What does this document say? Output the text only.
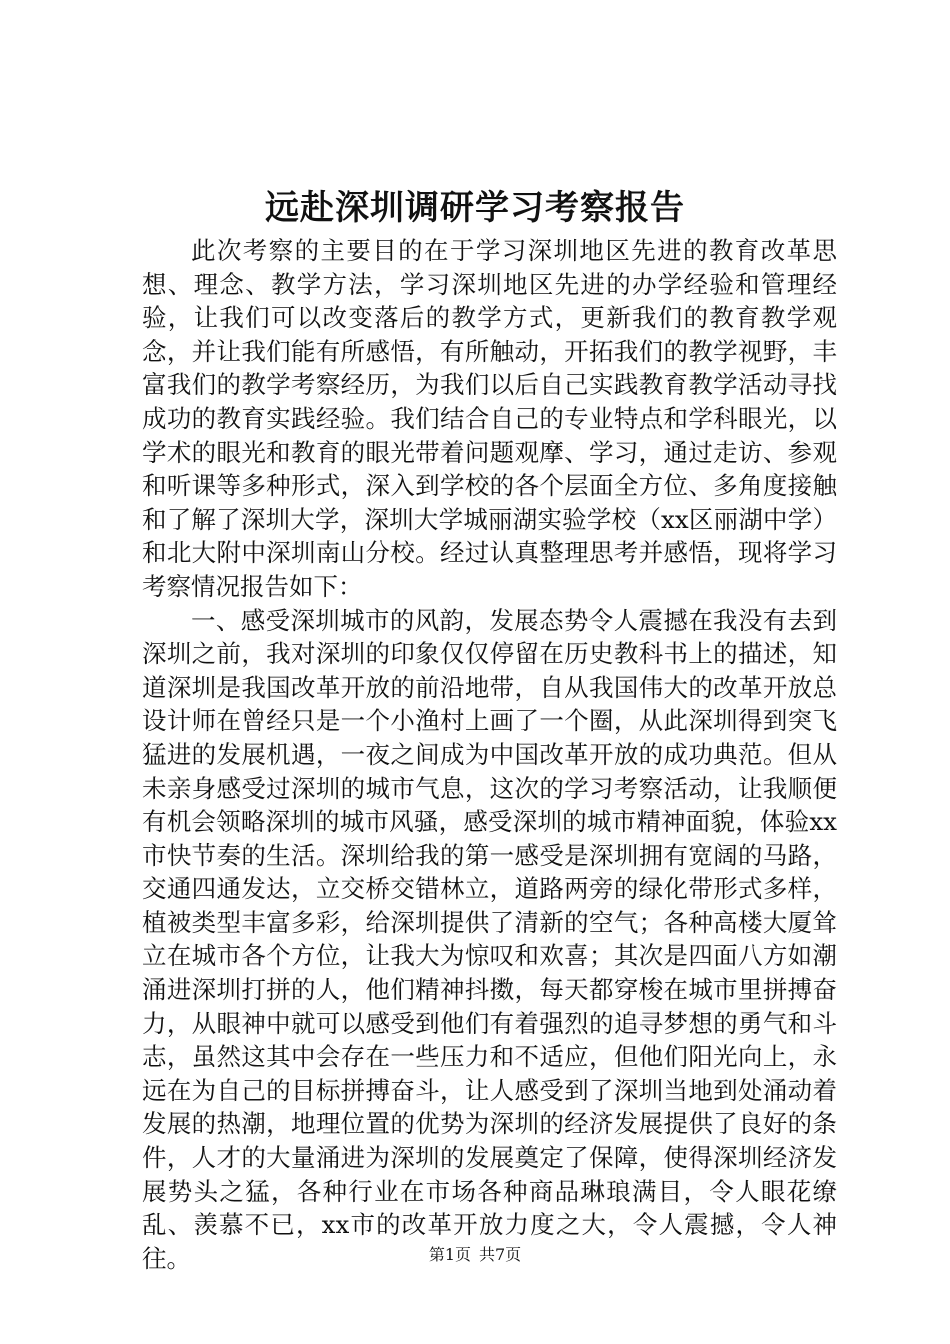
远赴深圳调研学习考察报告

此次考察的主要目的在于学习深圳地区先进的教育改革思想、理念、教学方法，学习深圳地区先进的办学经验和管理经验，让我们可以改变落后的教学方式，更新我们的教育教学观念，并让我们能有所感悟，有所触动，开拓我们的教学视野，丰富我们的教学考察经历，为我们以后自己实践教育教学活动寻找成功的教育实践经验。我们结合自己的专业特点和学科眼光，以学术的眼光和教育的眼光带着问题观摩、学习，通过走访、参观和听课等多种形式，深入到学校的各个层面全方位、多角度接触和了解了深圳大学，深圳大学城丽湖实验学校（xx区丽湖中学）和北大附中深圳南山分校。经过认真整理思考并感悟，现将学习考察情况报告如下：

一、感受深圳城市的风韵，发展态势令人震撼在我没有去到深圳之前，我对深圳的印象仅仅停留在历史教科书上的描述，知道深圳是我国改革开放的前沿地带，自从我国伟大的改革开放总设计师在曾经只是一个小渔村上画了一个圈，从此深圳得到突飞猛进的发展机遇，一夜之间成为中国改革开放的成功典范。但从未亲身感受过深圳的城市气息，这次的学习考察活动，让我顺便有机会领略深圳的城市风骚，感受深圳的城市精神面貌，体验xx市快节奏的生活。深圳给我的第一感受是深圳拥有宽阔的马路，交通四通发达，立交桥交错林立，道路两旁的绿化带形式多样，植被类型丰富多彩，给深圳提供了清新的空气；各种高楼大厦耸立在城市各个方位，让我大为惊叹和欢喜；其次是四面八方如潮涌进深圳打拼的人，他们精神抖擞，每天都穿梭在城市里拼搏奋力，从眼神中就可以感受到他们有着强烈的追寻梦想的勇气和斗志，虽然这其中会存在一些压力和不适应，但他们阳光向上，永远在为自己的目标拼搏奋斗，让人感受到了深圳当地到处涌动着发展的热潮，地理位置的优势为深圳的经济发展提供了良好的条件，人才的大量涌进为深圳的发展奠定了保障，使得深圳经济发展势头之猛，各种行业在市场各种商品琳琅满目，令人眼花缭乱、羡慕不已，xx市的改革开放力度之大，令人震撼，令人神往。	第1页 共7页
